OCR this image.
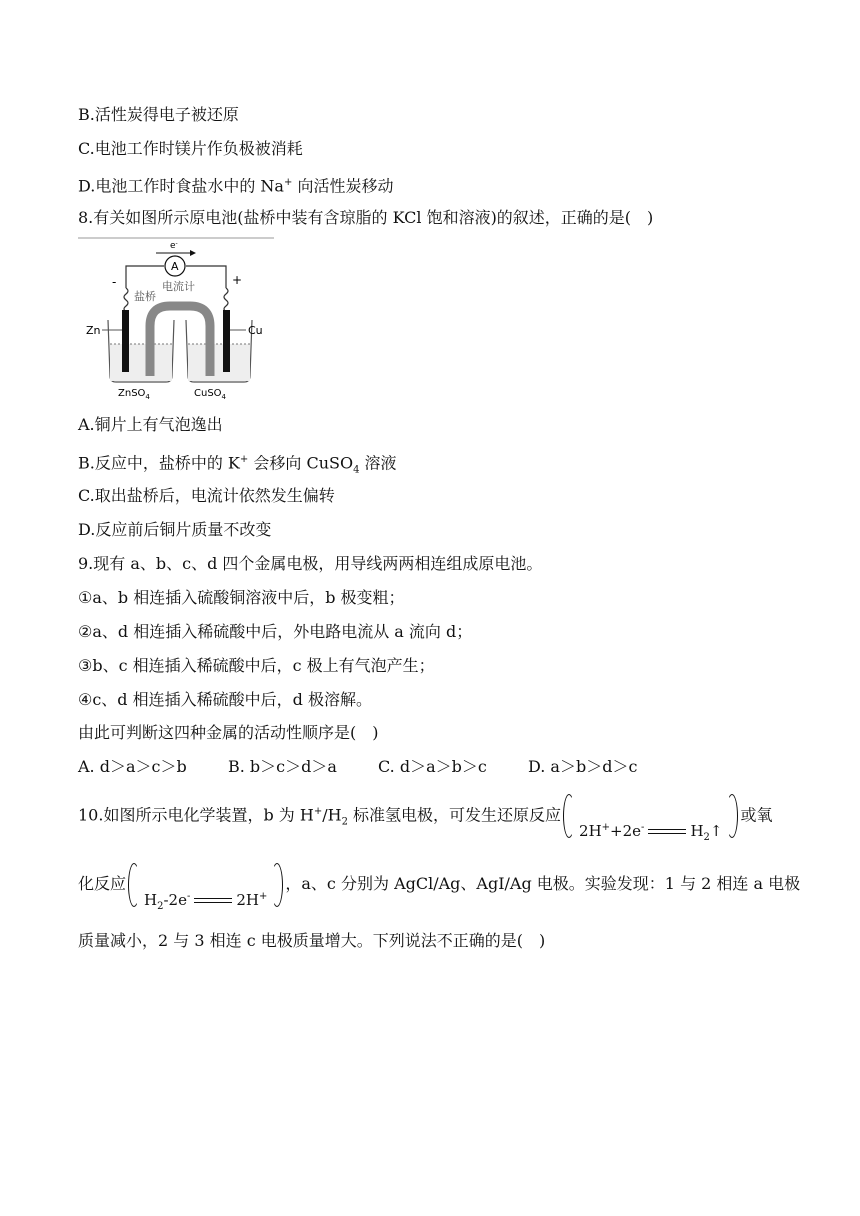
B.活性炭得电子被还原
C.电池工作时镁片作负极被消耗
D.电池工作时食盐水中的 Na+ 向活性炭移动
8.有关如图所示原电池(盐桥中装有含琼脂的 KCl 饱和溶液)的叙述，正确的是(　)
e-
A
电流计
-	+
盐桥
Zn	Cu
ZnSO$_4$	CuSO$_4$
A.铜片上有气泡逸出
B.反应中，盐桥中的 K+ 会移向 CuSO$_4$ 溶液
C.取出盐桥后，电流计依然发生偏转
D.反应前后铜片质量不改变
9.现有 a、b、c、d 四个金属电极，用导线两两相连组成原电池。
①a、b 相连插入硫酸铜溶液中后，b 极变粗；
②a、d 相连插入稀硫酸中后，外电路电流从 a 流向 d；
③b、c 相连插入稀硫酸中后，c 极上有气泡产生；
④c、d 相连插入稀硫酸中后，d 极溶解。
由此可判断这四种金属的活动性顺序是(　)
A. d＞a＞c＞b	B. b＞c＞d＞a	C. d＞a＞b＞c	D. a＞b＞d＞c
10.如图所示电化学装置，b 为 $H^+/H_2$ 标准氢电极，可发生还原反应2H++2e-	$H_2↑$或氧
化反应$H_2-2e^-$	2H+，a、c 分别为 AgCl/Ag、AgI/Ag 电极。实验发现：1 与 2 相连 a 电极
质量减小，2 与 3 相连 c 电极质量增大。下列说法不正确的是(　)
